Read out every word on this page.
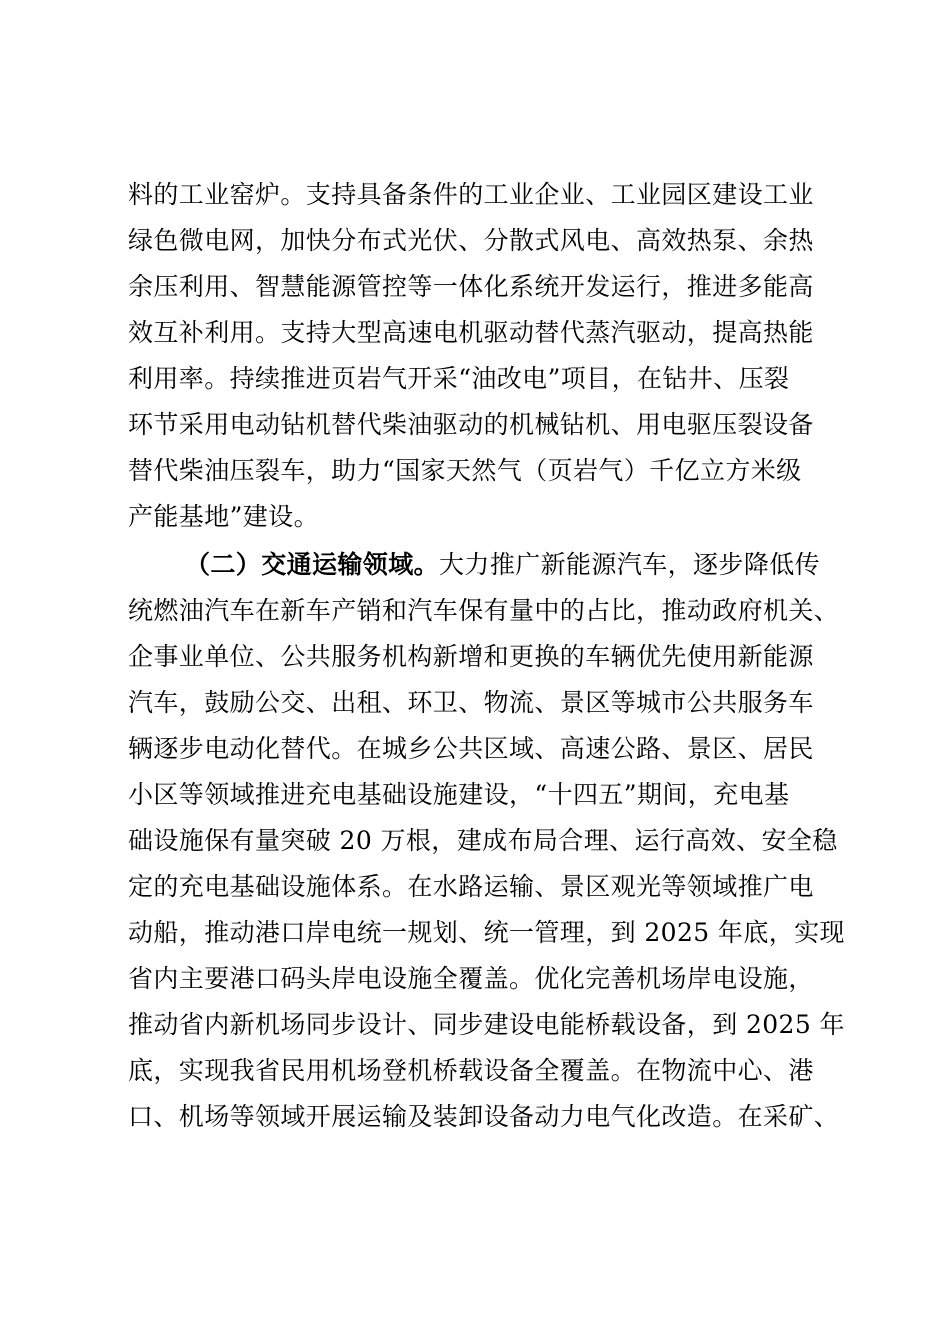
料的工业窑炉。支持具备条件的工业企业、工业园区建设工业
绿色微电网，加快分布式光伏、分散式风电、高效热泵、余热
余压利用、智慧能源管控等一体化系统开发运行，推进多能高
效互补利用。支持大型高速电机驱动替代蒸汽驱动，提高热能
利用率。持续推进页岩气开采“油改电”项目，在钻井、压裂
环节采用电动钻机替代柴油驱动的机械钻机、用电驱压裂设备
替代柴油压裂车，助力“国家天然气（页岩气）千亿立方米级
产能基地”建设。
（二）交通运输领域。大力推广新能源汽车，逐步降低传
统燃油汽车在新车产销和汽车保有量中的占比，推动政府机关、
企事业单位、公共服务机构新增和更换的车辆优先使用新能源
汽车，鼓励公交、出租、环卫、物流、景区等城市公共服务车
辆逐步电动化替代。在城乡公共区域、高速公路、景区、居民
小区等领域推进充电基础设施建设，“十四五”期间，充电基
础设施保有量突破 20 万根，建成布局合理、运行高效、安全稳
定的充电基础设施体系。在水路运输、景区观光等领域推广电
动船，推动港口岸电统一规划、统一管理，到 2025 年底，实现
省内主要港口码头岸电设施全覆盖。优化完善机场岸电设施，
推动省内新机场同步设计、同步建设电能桥载设备，到 2025 年
底，实现我省民用机场登机桥载设备全覆盖。在物流中心、港
口、机场等领域开展运输及装卸设备动力电气化改造。在采矿、
